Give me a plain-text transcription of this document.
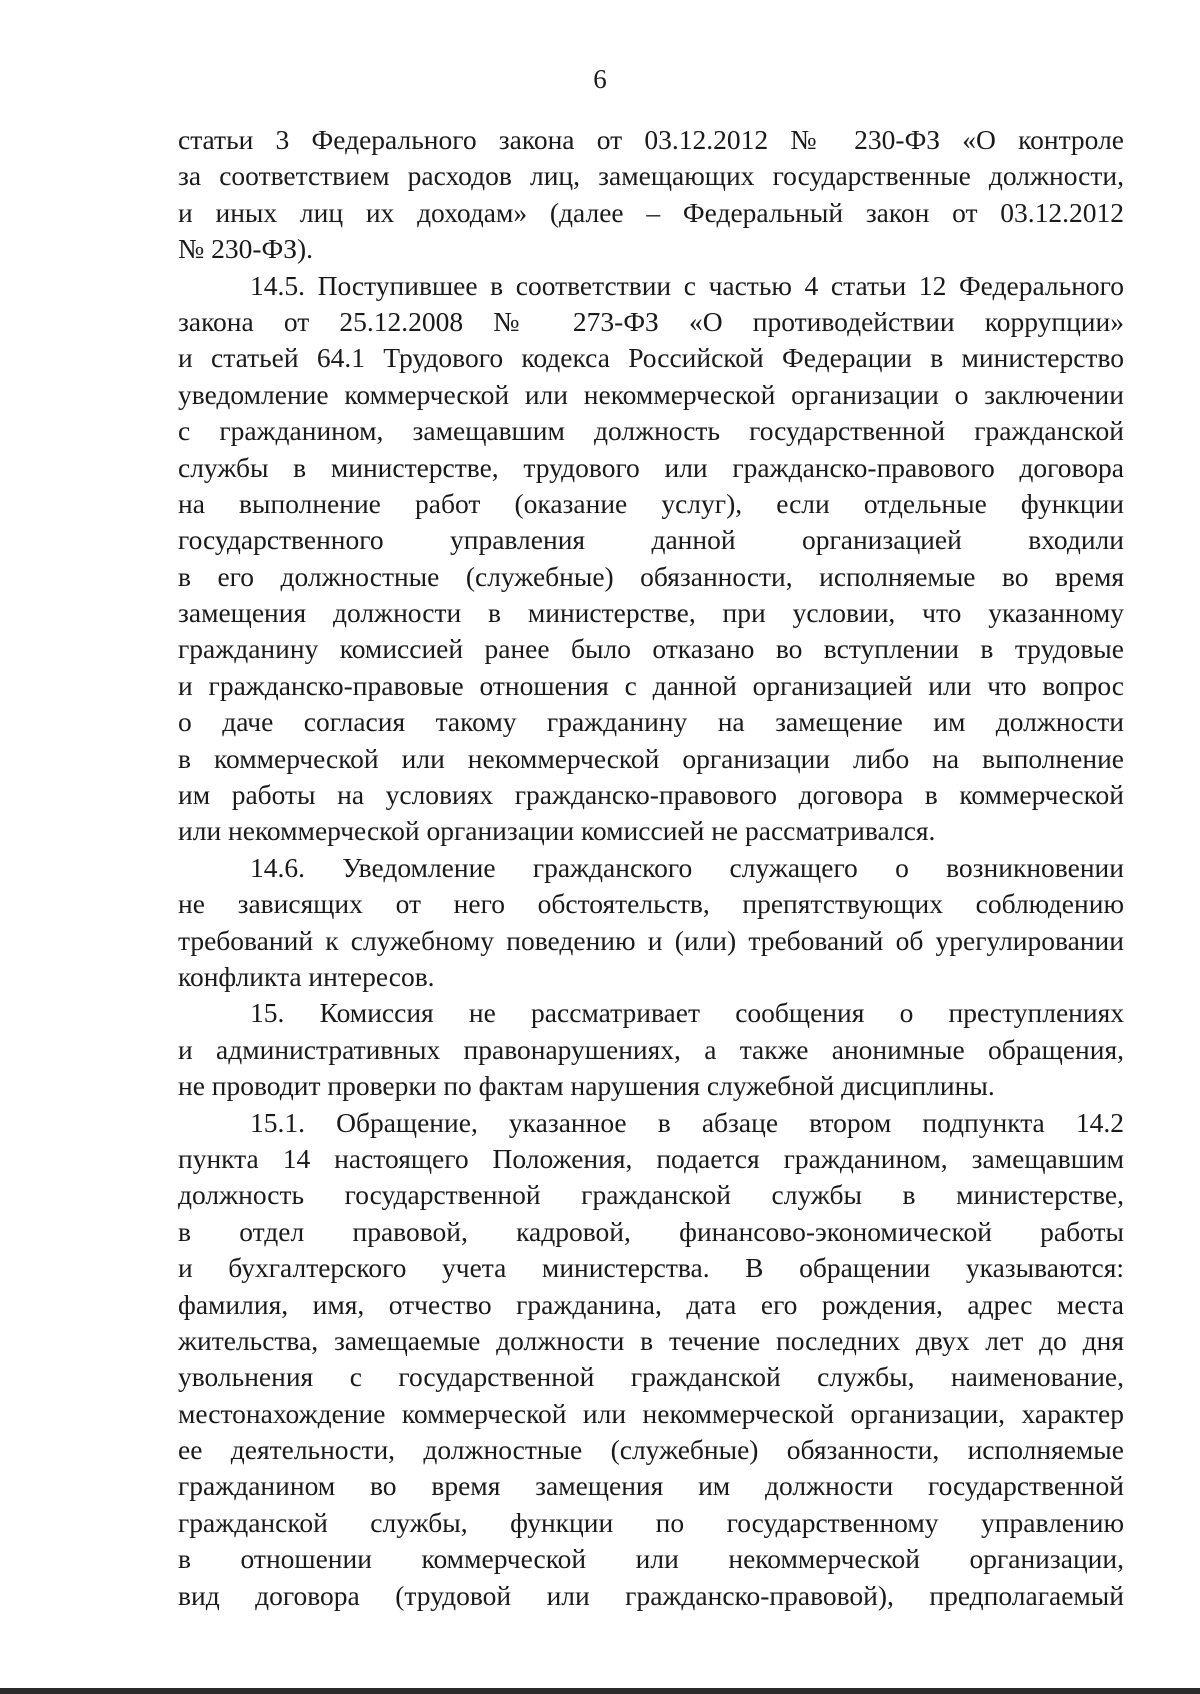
6
статьи 3 Федерального закона от 03.12.2012 № 230-ФЗ «О контроле
за соответствием расходов лиц, замещающих государственные должности,
и иных лиц их доходам» (далее – Федеральный закон от 03.12.2012
№ 230-ФЗ).
14.5. Поступившее в соответствии с частью 4 статьи 12 Федерального
закона от 25.12.2008 № 273-ФЗ «О противодействии коррупции»
и статьей 64.1 Трудового кодекса Российской Федерации в министерство
уведомление коммерческой или некоммерческой организации о заключении
с гражданином, замещавшим должность государственной гражданской
службы в министерстве, трудового или гражданско-правового договора
на выполнение работ (оказание услуг), если отдельные функции
государственного управления данной организацией входили
в его должностные (служебные) обязанности, исполняемые во время
замещения должности в министерстве, при условии, что указанному
гражданину комиссией ранее было отказано во вступлении в трудовые
и гражданско-правовые отношения с данной организацией или что вопрос
о даче согласия такому гражданину на замещение им должности
в коммерческой или некоммерческой организации либо на выполнение
им работы на условиях гражданско-правового договора в коммерческой
или некоммерческой организации комиссией не рассматривался.
14.6. Уведомление гражданского служащего о возникновении
не зависящих от него обстоятельств, препятствующих соблюдению
требований к служебному поведению и (или) требований об урегулировании
конфликта интересов.
15. Комиссия не рассматривает сообщения о преступлениях
и административных правонарушениях, а также анонимные обращения,
не проводит проверки по фактам нарушения служебной дисциплины.
15.1. Обращение, указанное в абзаце втором подпункта 14.2
пункта 14 настоящего Положения, подается гражданином, замещавшим
должность государственной гражданской службы в министерстве,
в отдел правовой, кадровой, финансово-экономической работы
и бухгалтерского учета министерства. В обращении указываются:
фамилия, имя, отчество гражданина, дата его рождения, адрес места
жительства, замещаемые должности в течение последних двух лет до дня
увольнения с государственной гражданской службы, наименование,
местонахождение коммерческой или некоммерческой организации, характер
ее деятельности, должностные (служебные) обязанности, исполняемые
гражданином во время замещения им должности государственной
гражданской службы, функции по государственному управлению
в отношении коммерческой или некоммерческой организации,
вид договора (трудовой или гражданско-правовой), предполагаемый
